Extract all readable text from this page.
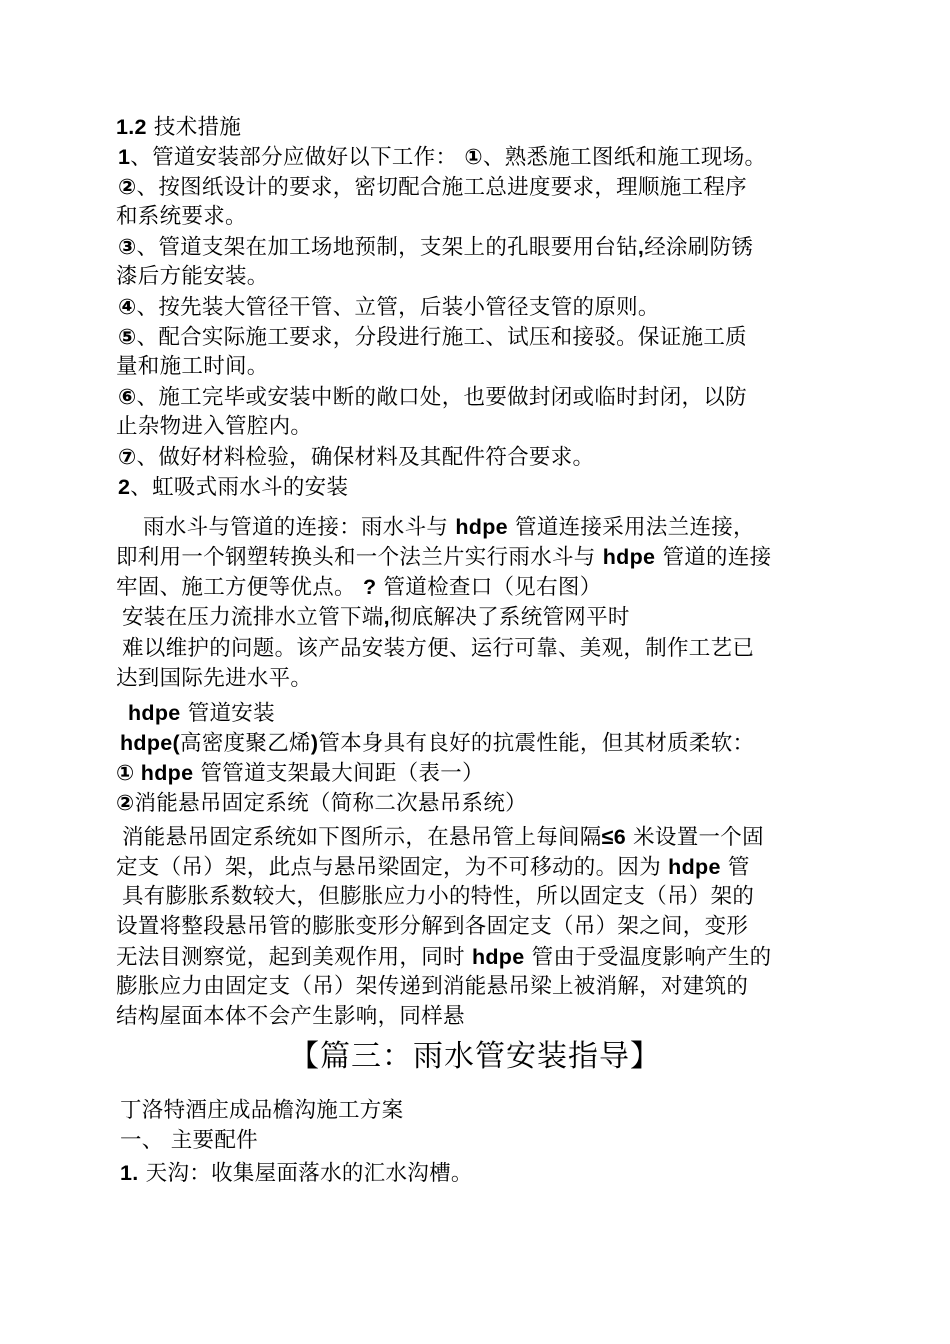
1.2 技术措施
1、管道安装部分应做好以下工作： ①、熟悉施工图纸和施工现场。
②、按图纸设计的要求，密切配合施工总进度要求，理顺施工程序
和系统要求。
③、管道支架在加工场地预制，支架上的孔眼要用台钻,经涂刷防锈
漆后方能安装。
④、按先装大管径干管、立管，后装小管径支管的原则。
⑤、配合实际施工要求，分段进行施工、试压和接驳。保证施工质
量和施工时间。
⑥、施工完毕或安装中断的敞口处，也要做封闭或临时封闭，以防
止杂物进入管腔内。
⑦、做好材料检验，确保材料及其配件符合要求。
2、虹吸式雨水斗的安装
雨水斗与管道的连接：雨水斗与 hdpe 管道连接采用法兰连接，
即利用一个钢塑转换头和一个法兰片实行雨水斗与 hdpe 管道的连接
牢固、施工方便等优点。 ? 管道检查口（见右图）
安装在压力流排水立管下端,彻底解决了系统管网平时
难以维护的问题。该产品安装方便、运行可靠、美观，制作工艺已
达到国际先进水平。
hdpe 管道安装
hdpe(高密度聚乙烯)管本身具有良好的抗震性能，但其材质柔软：
① hdpe 管管道支架最大间距（表一）
②消能悬吊固定系统（简称二次悬吊系统）
消能悬吊固定系统如下图所示，在悬吊管上每间隔≤6 米设置一个固
定支（吊）架，此点与悬吊梁固定，为不可移动的。因为 hdpe 管
具有膨胀系数较大，但膨胀应力小的特性，所以固定支（吊）架的
设置将整段悬吊管的膨胀变形分解到各固定支（吊）架之间，变形
无法目测察觉，起到美观作用，同时 hdpe 管由于受温度影响产生的
膨胀应力由固定支（吊）架传递到消能悬吊梁上被消解，对建筑的
结构屋面本体不会产生影响，同样悬
丁洛特酒庄成品檐沟施工方案
一、 主要配件
1. 天沟：收集屋面落水的汇水沟槽。
【篇三：雨水管安装指导】
